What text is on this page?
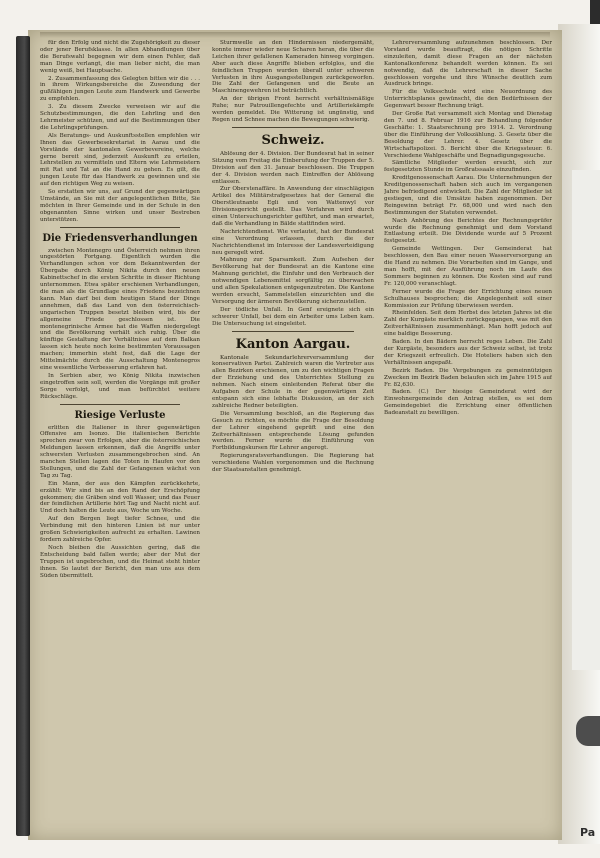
Pa

für den Erfolg und nicht die Zugehörigkeit zu dieser oder jener Berufsklasse. In allen Abhandlungen über die Berufswahl begegnen wir dem einen Fehler, daß man Dinge verlangt, die man lieber nicht, die man wenig weiß, bei Hauptsache.

2. Zusammenfassung des Gelegten bitten wir die . . . in ihrem Wirkungsbereiche die Zuwendung der gußfähigen jungen Leute zum Handwerk und Gewerbe zu empfehlen.

3. Zu diesem Zwecke verweisen wir auf die Schutzbestimmungen, die den Lehrling und den Lehrmeister schützen, und auf die Bestimmungen über die Lehrlingsprüfungen.

Als Beratungs- und Auskunftsstellen empfehlen wir Ihnen das Gewerbesekretariat in Aarau und die Vorstände der kantonalen Gewerbevereine, welche gerne bereit sind, jederzeit Auskunft zu erteilen, Lehrstellen zu vermitteln und Eltern wie Lehrmeistern mit Rat und Tat an die Hand zu gehen. Es gilt, die jungen Leute für das Handwerk zu gewinnen und sie auf den richtigen Weg zu weisen.

So erstatten wir uns, auf Grund der gegenwärtigen Umstände, an Sie mit der angelegentlichen Bitte, Sie möchten in Ihrer Gemeinde und in der Schule in den obgenannten Sinne wirken und unser Bestreben unterstützen.

Die Friedensverhandlungen

zwischen Montenegro und Österreich nehmen ihren ungestörten Fortgang. Eigentlich wurden die Verhandlungen schon vor dem Bekanntwerden der Übergabe durch König Nikita durch den neuen Kabinettschef in die ersten Schritte in dieser Richtung unternommen. Etwa später erschienen Verhandlungen, die man als die Grundlage eines Friedens bezeichnen kann. Man darf bei dem heutigen Stand der Dinge annehmen, daß das Land von den österreichisch-ungarischen Truppen besetzt bleiben wird, bis der allgemeine Friede geschlossen ist. Die montenegrinische Armee hat die Waffen niedergelegt und die Bevölkerung verhält sich ruhig. Über die künftige Gestaltung der Verhältnisse auf dem Balkan lassen sich heute noch keine bestimmten Voraussagen machen; immerhin steht fest, daß die Lage der Mittelmächte durch die Ausschaltung Montenegros eine wesentliche Verbesserung erfahren hat.

In Serbien aber, wo König Nikita inzwischen eingetroffen sein soll, werden die Vorgänge mit großer Sorge verfolgt, und man befürchtet weitere Rückschläge.

Riesige Verluste

erlitten die Italiener in ihrer gegenwärtigen Offensive am Isonzo. Die italienischen Berichte sprechen zwar von Erfolgen, aber die österreichischen Meldungen lassen erkennen, daß die Angriffe unter schwersten Verlusten zusammengebrochen sind. An manchen Stellen lagen die Toten in Haufen vor den Stellungen, und die Zahl der Gefangenen wächst von Tag zu Tag.

Ein Mann, der aus den Kämpfen zurückkehrte, erzählt: Wir sind bis an den Rand der Erschöpfung gekommen; die Gräben sind voll Wasser, und das Feuer der feindlichen Artillerie hört Tag und Nacht nicht auf. Und doch halten die Leute aus, Woche um Woche.

Auf den Bergen liegt tiefer Schnee, und die Verbindung mit den hinteren Linien ist nur unter großen Schwierigkeiten aufrecht zu erhalten. Lawinen fordern zahlreiche Opfer.

Noch bleiben die Aussichten gering, daß die Entscheidung bald fallen werde; aber der Mut der Truppen ist ungebrochen, und die Heimat steht hinter ihnen. So lautet der Bericht, den man uns aus dem Süden übermittelt.

Sturmwelle an den Hindernissen niedergemäht, konnte immer wieder neue Scharen heran, die über die Leichen ihrer gefallenen Kameraden hinweg vorgingen. Aber auch diese Angriffe blieben erfolglos, und die feindlichen Truppen wurden überall unter schweren Verlusten in ihre Ausgangsstellungen zurückgeworfen. Die Zahl der Gefangenen und die Beute an Maschinengewehren ist beträchtlich.

An der übrigen Front herrscht verhältnismäßige Ruhe; nur Patrouillengefechte und Artilleriekämpfe werden gemeldet. Die Witterung ist ungünstig, und Regen und Schnee machen die Bewegungen schwierig.

Schweiz.

Ablösung der 4. Division. Der Bundesrat hat in seiner Sitzung vom Freitag die Einberufung der Truppen der 5. Division auf den 31. Januar beschlossen. Die Truppen der 4. Division werden nach Eintreffen der Ablösung entlassen.

Zur Oberstenaffäre. In Anwendung der einschlägigen Artikel des Militärstrafgesetzes hat der General die Oberstleutnante Egli und von Wattenwyl vor Divisionsgericht gestellt. Das Verfahren wird durch einen Untersuchungsrichter geführt, und man erwartet, daß die Verhandlung in Bälde stattfinden wird.

Nachrichtendienst. Wie verlautet, hat der Bundesrat eine Verordnung erlassen, durch die der Nachrichtendienst im Interesse der Landesverteidigung neu geregelt wird.

Mahnung zur Sparsamkeit. Zum Aufsehen der Bevölkerung hat der Bundesrat an die Kantone eine Mahnung gerichtet, die Einfuhr und den Verbrauch der notwendigen Lebensmittel sorgfältig zu überwachen und allen Spekulationen entgegenzutreten. Die Kantone werden ersucht, Sammelstellen einzurichten und die Versorgung der ärmeren Bevölkerung sicherzustellen.

Der tödliche Unfall. In Genf ereignete sich ein schwerer Unfall, bei dem ein Arbeiter ums Leben kam. Die Untersuchung ist eingeleitet.

Kanton Aargau.

Kantonale Sekundarlehrerversammlung der konservativen Partei. Zahlreich waren die Vertreter aus allen Bezirken erschienen, um zu den wichtigen Fragen der Erziehung und des Unterrichtes Stellung zu nehmen. Nach einem einleitenden Referat über die Aufgaben der Schule in der gegenwärtigen Zeit entspann sich eine lebhafte Diskussion, an der sich zahlreiche Redner beteiligten.

Die Versammlung beschloß, an die Regierung das Gesuch zu richten, es möchte die Frage der Besoldung der Lehrer eingehend geprüft und eine den Zeitverhältnissen entsprechende Lösung gefunden werden. Ferner wurde die Einführung von Fortbildungskursen für Lehrer angeregt.

Regierungsratsverhandlungen. Die Regierung hat verschiedene Wahlen vorgenommen und die Rechnung der Staatsanstalten genehmigt.

Lehrerversammlung aufzunehmen beschlossen. Der Vorstand wurde beauftragt, die nötigen Schritte einzuleiten, damit diese Fragen an der nächsten Kantonalkonferenz behandelt werden können. Es sei notwendig, daß die Lehrerschaft in dieser Sache geschlossen vorgehe und ihre Wünsche deutlich zum Ausdruck bringe.

Für die Volksschule wird eine Neuordnung des Unterrichtsplanes gewünscht, die den Bedürfnissen der Gegenwart besser Rechnung trägt.

Der Große Rat versammelt sich Montag und Dienstag den 7. und 8. Februar 1916 zur Behandlung folgender Geschäfte: 1. Staatsrechnung pro 1914. 2. Verordnung über die Einführung der Volkszählung. 3. Gesetz über die Besoldung der Lehrer. 4. Gesetz über die Wirtschaftspolizei. 5. Bericht über die Kriegssteuer. 6. Verschiedene Wahlgeschäfte und Begnadigungsgesuche.

Sämtliche Mitglieder werden ersucht, sich zur festgesetzten Stunde im Großratssaale einzufinden.

Kreditgenossenschaft Aarau. Die Unternehmungen der Kreditgenossenschaft haben sich auch im vergangenen Jahre befriedigend entwickelt. Die Zahl der Mitglieder ist gestiegen, und die Umsätze haben zugenommen. Der Reingewinn beträgt Fr. 68,000 und wird nach den Bestimmungen der Statuten verwendet.

Nach Anhörung des Berichtes der Rechnungsprüfer wurde die Rechnung genehmigt und dem Vorstand Entlastung erteilt. Die Dividende wurde auf 5 Prozent festgesetzt.

Gemeinde Wettingen. Der Gemeinderat hat beschlossen, den Bau einer neuen Wasserversorgung an die Hand zu nehmen. Die Vorarbeiten sind im Gange, und man hofft, mit der Ausführung noch im Laufe des Sommers beginnen zu können. Die Kosten sind auf rund Fr. 120,000 veranschlagt.

Ferner wurde die Frage der Errichtung eines neuen Schulhauses besprochen; die Angelegenheit soll einer Kommission zur Prüfung überwiesen werden.

Rheinfelden. Seit dem Herbst des letzten Jahres ist die Zahl der Kurgäste merklich zurückgegangen, was mit den Zeitverhältnissen zusammenhängt. Man hofft jedoch auf eine baldige Besserung.

Baden. In den Bädern herrscht reges Leben. Die Zahl der Kurgäste, besonders aus der Schweiz selbst, ist trotz der Kriegszeit erfreulich. Die Hoteliers haben sich den Verhältnissen angepaßt.

Bezirk Baden. Die Vergebungen zu gemeinnützigen Zwecken im Bezirk Baden belaufen sich im Jahre 1915 auf Fr. 82,630.

Baden. (C.) Der hiesige Gemeinderat wird der Einwohnergemeinde den Antrag stellen, es sei dem Gemeindegebiet die Errichtung einer öffentlichen Badeanstalt zu bewilligen.
